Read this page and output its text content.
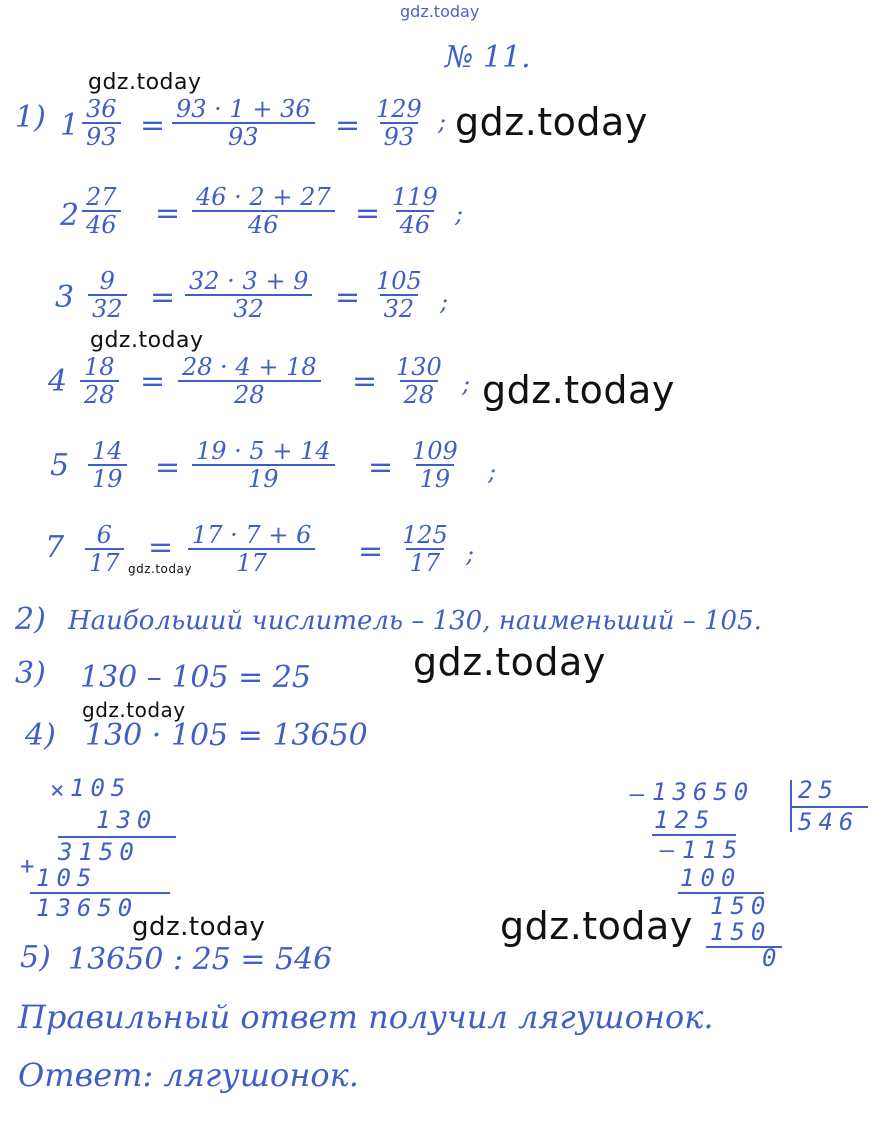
gdz.today
№ 11.
1) $1 \frac{36}{93} = \frac{93 \cdot 1 + 36}{93} = \frac{129}{93}$ ;
gdz.today
gdz.today
$2 \frac{27}{46} = \frac{46 \cdot 2 + 27}{46} = \frac{119}{46}$ ;
$3 \frac{9}{32} = \frac{32 \cdot 3 + 9}{32} = \frac{105}{32}$ ;
gdz.today
$4 \frac{18}{28} = \frac{28 \cdot 4 + 18}{28} = \frac{130}{28}$ ; gdz.today
$5 \frac{14}{19} = \frac{19 \cdot 5 + 14}{19} = \frac{109}{19}$ ;
$7 \frac{6}{17} = \frac{17 \cdot 7 + 6}{17} = \frac{125}{17}$ ;
gdz.today
2) Наибольший числитель – 130, наименьший – 105.
3) 130 – 105 = 25	gdz.today
gdz.today
4) 130 · 105 = 13650
× 105
130
3150
+
105
13650
– 13650 25
546
125
– 115
100
150
150
0
gdz.today	gdz.today
5) 13650 : 25 = 546
Правильный ответ получил лягушонок.
Ответ: лягушонок.
